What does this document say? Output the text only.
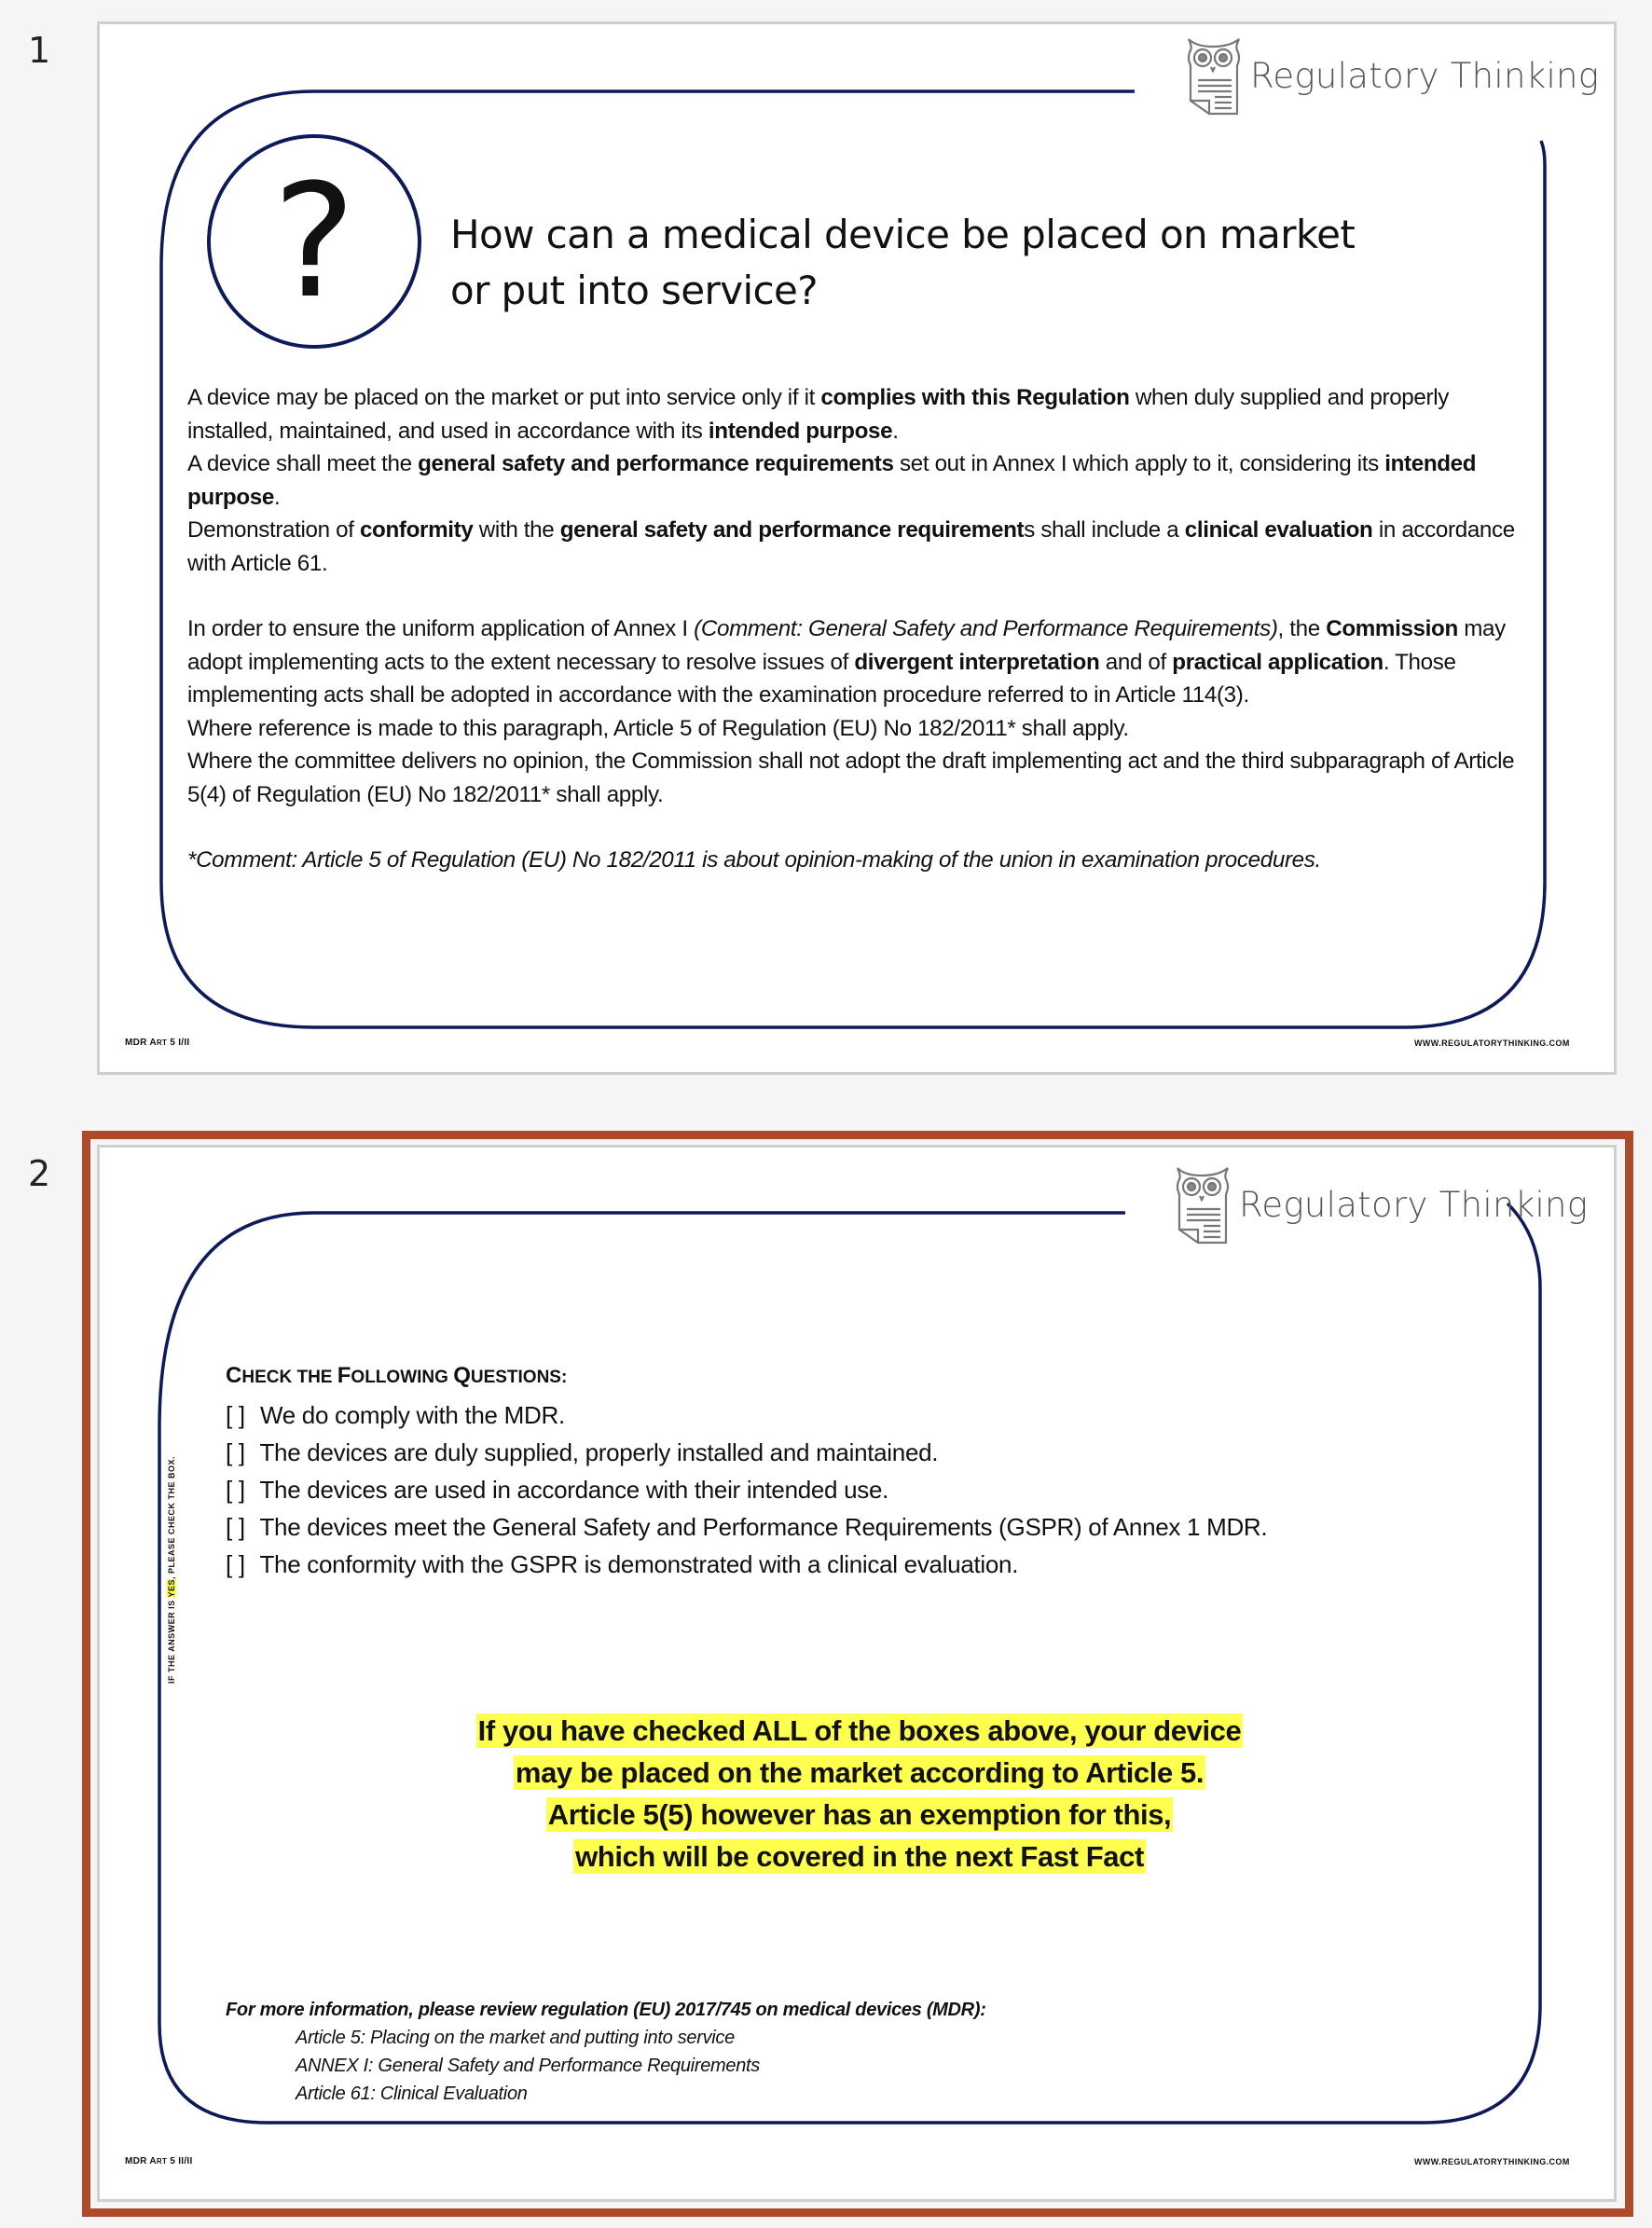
1
Regulatory Thinking
? How can a medical device be placed on market
or put into service?

A device may be placed on the market or put into service only if it complies with this Regulation when duly supplied and properly installed, maintained, and used in accordance with its intended purpose.

A device shall meet the general safety and performance requirements set out in Annex I which apply to it, considering its intended purpose.

Demonstration of conformity with the general safety and performance requirements shall include a clinical evaluation in accordance with Article 61.

In order to ensure the uniform application of Annex I (Comment: General Safety and Performance Requirements), the Commission may adopt implementing acts to the extent necessary to resolve issues of divergent interpretation and of practical application. Those implementing acts shall be adopted in accordance with the examination procedure referred to in Article 114(3).

Where reference is made to this paragraph, Article 5 of Regulation (EU) No 182/2011* shall apply.

Where the committee delivers no opinion, the Commission shall not adopt the draft implementing act and the third subparagraph of Article 5(4) of Regulation (EU) No 182/2011* shall apply.

*Comment: Article 5 of Regulation (EU) No 182/2011 is about opinion-making of the union in examination procedures.

MDR ART 5 I/II	WWW.REGULATORYTHINKING.COM
2
Regulatory Thinking
CHECK THE FOLLOWING QUESTIONS:
[ ] We do comply with the MDR.
[ ] The devices are duly supplied, properly installed and maintained.
[ ] The devices are used in accordance with their intended use.
[ ] The devices meet the General Safety and Performance Requirements (GSPR) of Annex 1 MDR.
[ ] The conformity with the GSPR is demonstrated with a clinical evaluation.
IF THE ANSWER IS YES, PLEASE CHECK THE BOX.
If you have checked ALL of the boxes above, your device
may be placed on the market according to Article 5.
Article 5(5) however has an exemption for this,
which will be covered in the next Fast Fact
For more information, please review regulation (EU) 2017/745 on medical devices (MDR):
Article 5: Placing on the market and putting into service
ANNEX I: General Safety and Performance Requirements
Article 61: Clinical Evaluation
MDR ART 5 II/II	WWW.REGULATORYTHINKING.COM
